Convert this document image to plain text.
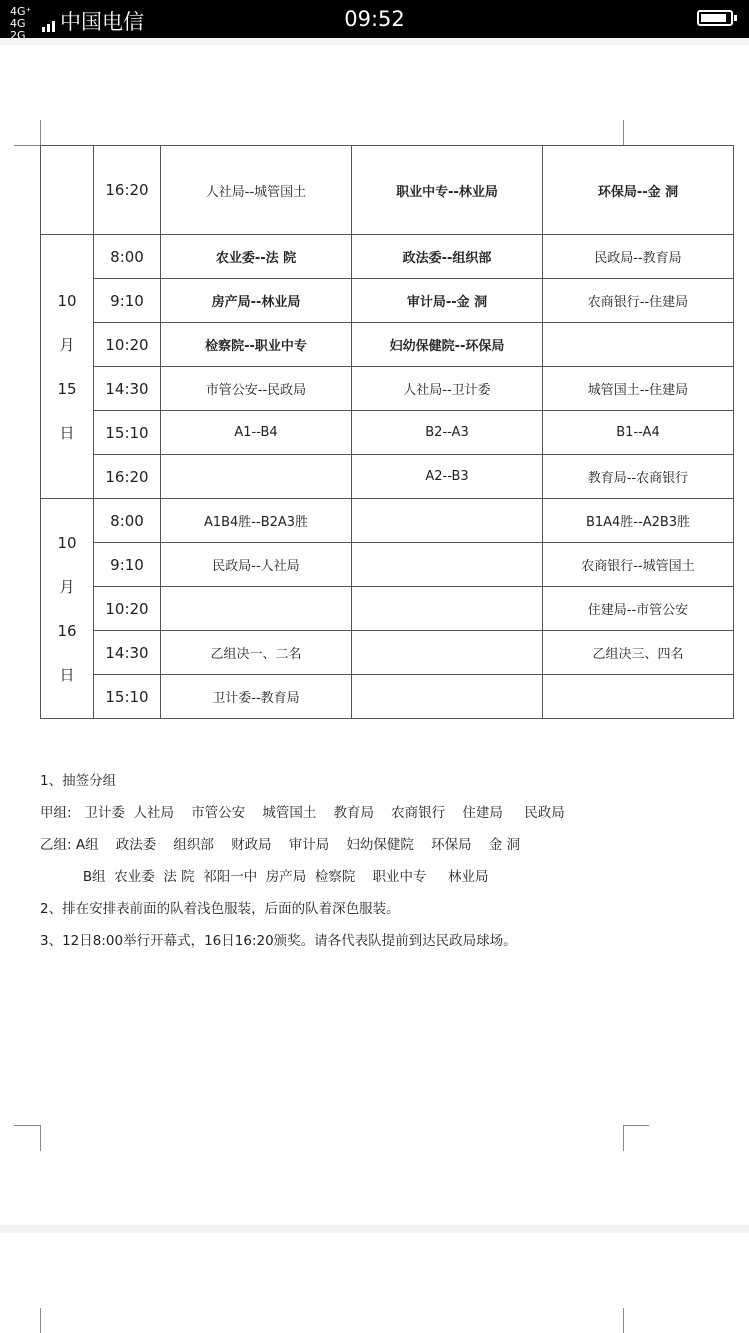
4G⁺ 4G 2G
中国电信	09:52
	16:20	人社局--城管国土	职业中专--林业局	环保局--金 洞

10
月
15
日	8:00	农业委--法 院	政法委--组织部	民政局--教育局
	9:10	房产局--林业局	审计局--金 洞	农商银行--住建局
	10:20	检察院--职业中专	妇幼保健院--环保局	
	14:30	市管公安--民政局	人社局--卫计委	城管国土--住建局
	15:10	A1--B4	B2--A3	B1--A4
	16:20		A2--B3	教育局--农商银行

10
月
16
日	8:00	A1B4胜--B2A3胜		B1A4胜--A2B3胜
	9:10	民政局--人社局		农商银行--城管国土
	10:20			住建局--市管公安
	14:30	乙组决一、二名		乙组决三、四名
	15:10	卫计委--教育局		

1、抽签分组

甲组:   卫计委  人社局    市管公安    城管国土    教育局    农商银行    住建局     民政局

乙组: A组    政法委    组织部    财政局    审计局    妇幼保健院    环保局    金 洞

B组  农业委  法 院  祁阳一中  房产局  检察院    职业中专     林业局

2、排在安排表前面的队着浅色服装，后面的队着深色服装。

3、12日8:00举行开幕式，16日16:20颁奖。请各代表队提前到达民政局球场。
